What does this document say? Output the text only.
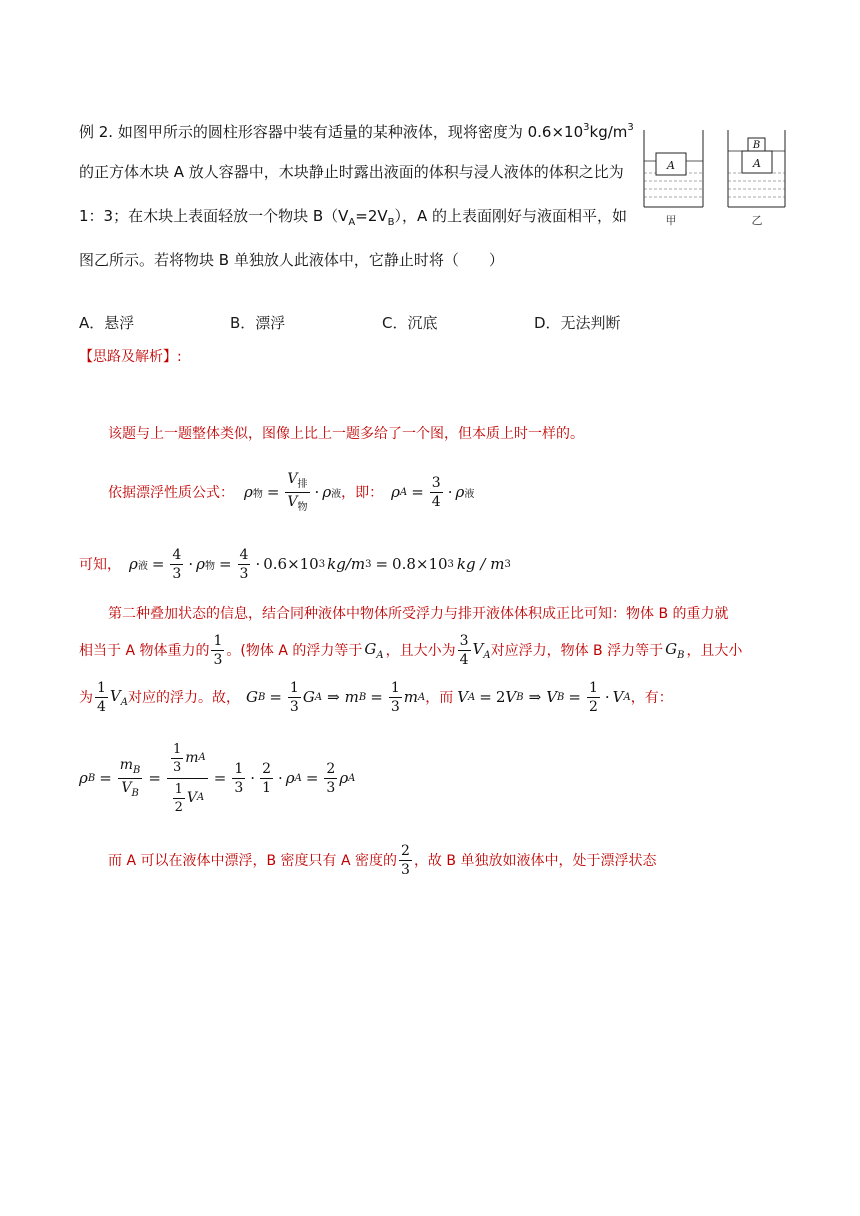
例 2. 如图甲所示的圆柱形容器中装有适量的某种液体，现将密度为 $0.6\times 10^3kg/m^3$
的正方体木块 A 放人容器中，木块静止时露出液面的体积与浸人液体的体积之比为
1：3；在木块上表面轻放一个物块 $B(V_A=2V_B)$，A 的上表面刚好与液面相平，如
图乙所示。若将物块 B 单独放人此液体中，它静止时将（　　）
A
B
A
甲	乙
A．悬浮	B．漂浮	C．沉底	D．无法判断
【思路及解析】:
该题与上一题整体类似，图像上比上一题多给了一个图，但本质上时一样的。
依据漂浮性质公式： ρ 物 = $\frac{V_排}{V_物} \cdot \rho$ 液 ，即： ρ $A = \frac{3}{4} \cdot \rho$ 液
可知， ρ 液 = $\frac{4}{3} \cdot \rho$ 物 = $\frac{4}{3} \cdot 0.6\times 10$ 3 kg/m 3 = 0.8×10 3 kg / m 3
第二种叠加状态的信息，结合同种液体中物体所受浮力与排开液体体积成正比可知：物体 B 的重力就
相当于 A 物体重力的 $\frac{1}{3}$ 。(物体 A 的浮力等于 $G_A$ ，且大小为 $\frac{3}{4} V_A$ 对应浮力，物体 B 浮力等于 $G_B$ ，且大小
为 $\frac{1}{4} V_A$ 对应的浮力。故， G $B = \frac{1}{3}$ G A ⇒ m $B = \frac{1}{3}$ m A ，而 V A = 2 V B ⇒ V $B = \frac{1}{2} \cdot V$ A ，有：
ρ $B = \frac{m_B}{V_B} = \frac{\frac{1}{3} m A}{\frac{1}{2} V A} = \frac{1}{3} \cdot \frac{2}{1} \cdot \rho$ $A = \frac{2}{3}$ ρ A
而 A 可以在液体中漂浮，B 密度只有 A 密度的 $\frac{2}{3}$ ，故 B 单独放如液体中，处于漂浮状态
